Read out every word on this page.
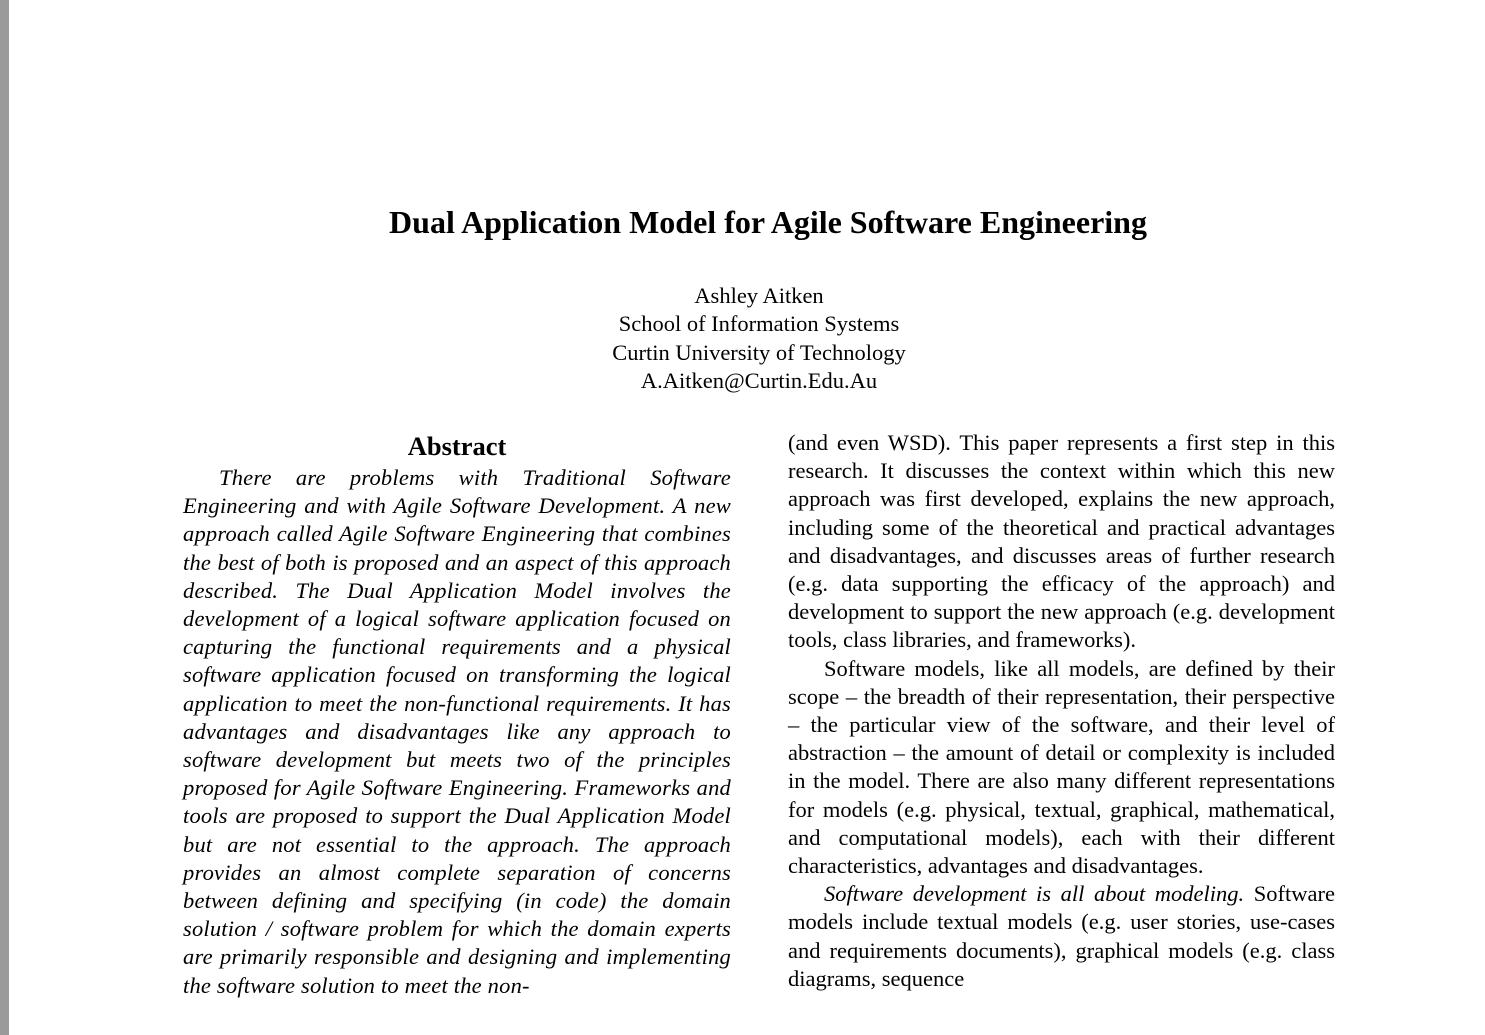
Dual Application Model for Agile Software Engineering
Ashley Aitken
School of Information Systems
Curtin University of Technology
A.Aitken@Curtin.Edu.Au
Abstract

There are problems with Traditional Software Engineering and with Agile Software Development. A new approach called Agile Software Engineering that combines the best of both is proposed and an aspect of this approach described. The Dual Application Model involves the development of a logical software application focused on capturing the functional requirements and a physical software application focused on transforming the logical application to meet the non-functional requirements. It has advantages and disadvantages like any approach to software development but meets two of the principles proposed for Agile Software Engineering. Frameworks and tools are proposed to support the Dual Application Model but are not essential to the approach. The approach provides an almost complete separation of concerns between defining and specifying (in code) the domain solution / software problem for which the domain experts are primarily responsible and designing and implementing the software solution to meet the non-

(and even WSD). This paper represents a first step in this research. It discusses the context within which this new approach was first developed, explains the new approach, including some of the theoretical and practical advantages and disadvantages, and discusses areas of further research (e.g. data supporting the efficacy of the approach) and development to support the new approach (e.g. development tools, class libraries, and frameworks).

Software models, like all models, are defined by their scope – the breadth of their representation, their perspective – the particular view of the software, and their level of abstraction – the amount of detail or complexity is included in the model. There are also many different representations for models (e.g. physical, textual, graphical, mathematical, and computational models), each with their different characteristics, advantages and disadvantages.

Software development is all about modeling. Software models include textual models (e.g. user stories, use-cases and requirements documents), graphical models (e.g. class diagrams, sequence
